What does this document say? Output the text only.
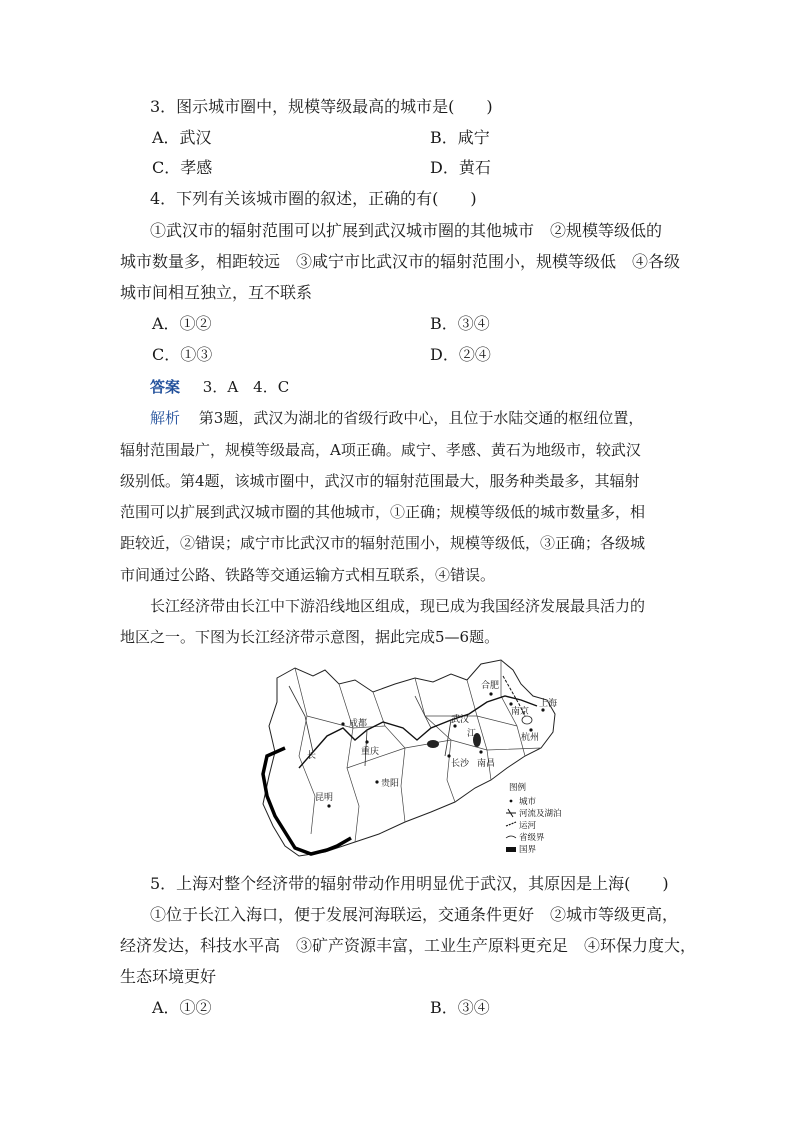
3．图示城市圈中，规模等级最高的城市是(　　)
A．武汉	B．咸宁
C．孝感	D．黄石
4．下列有关该城市圈的叙述，正确的有(　　)
①武汉市的辐射范围可以扩展到武汉城市圈的其他城市　②规模等级低的
城市数量多，相距较远　③咸宁市比武汉市的辐射范围小，规模等级低　④各级
城市间相互独立，互不联系
A．①②	B．③④
C．①③	D．②④
答案 3．A　4．C
解析 第3题，武汉为湖北的省级行政中心，且位于水陆交通的枢纽位置，
辐射范围最广，规模等级最高，A项正确。咸宁、孝感、黄石为地级市，较武汉
级别低。第4题，该城市圈中，武汉市的辐射范围最大，服务种类最多，其辐射
范围可以扩展到武汉城市圈的其他城市，①正确；规模等级低的城市数量多，相
距较近，②错误；咸宁市比武汉市的辐射范围小，规模等级低，③正确；各级城
市间通过公路、铁路等交通运输方式相互联系，④错误。
长江经济带由长江中下游沿线地区组成，现已成为我国经济发展最具活力的
地区之一。下图为长江经济带示意图，据此完成5—6题。
成都
重庆
贵阳
昆明
长沙
武汉
南昌
合肥
南京
上海
杭州
长
江
图例
城市
河流及湖泊
运河
省级界
国界
5．上海对整个经济带的辐射带动作用明显优于武汉，其原因是上海(　　)
①位于长江入海口，便于发展河海联运，交通条件更好　②城市等级更高，
经济发达，科技水平高　③矿产资源丰富，工业生产原料更充足　④环保力度大，
生态环境更好
A．①②	B．③④
